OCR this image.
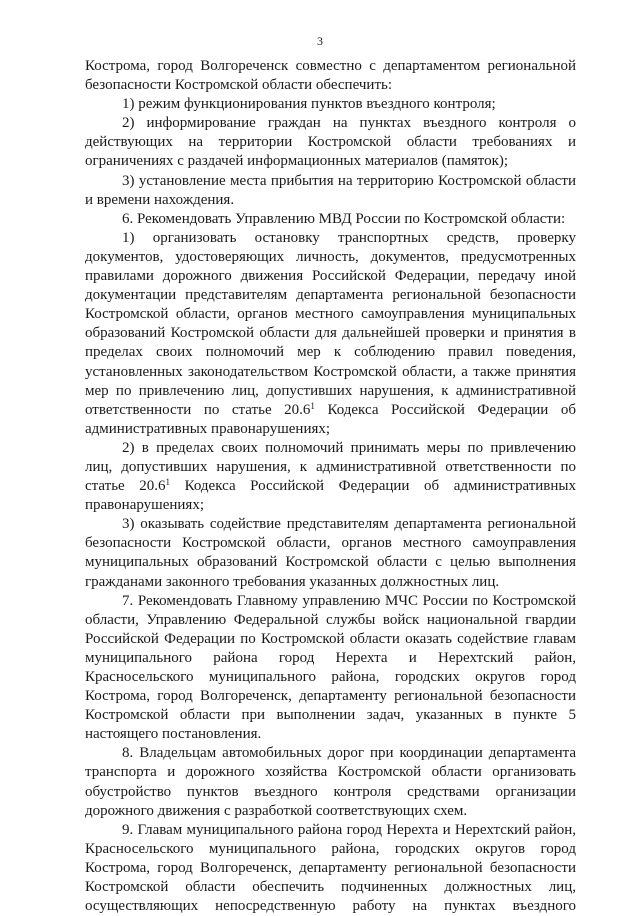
3

Кострома, город Волгореченск совместно с департаментом региональной безопасности Костромской области обеспечить:

1) режим функционирования пунктов въездного контроля;

2) информирование граждан на пунктах въездного контроля о действующих на территории Костромской области требованиях и ограничениях с раздачей информационных материалов (памяток);

3) установление места прибытия на территорию Костромской области и времени нахождения.

6. Рекомендовать Управлению МВД России по Костромской области:

1) организовать остановку транспортных средств, проверку документов, удостоверяющих личность, документов, предусмотренных правилами дорожного движения Российской Федерации, передачу иной документации представителям департамента региональной безопасности Костромской области, органов местного самоуправления муниципальных образований Костромской области для дальнейшей проверки и принятия в пределах своих полномочий мер к соблюдению правил поведения, установленных законодательством Костромской области, а также принятия мер по привлечению лиц, допустивших нарушения, к административной ответственности по статье 20.6$^1$ Кодекса Российской Федерации об административных правонарушениях;

2) в пределах своих полномочий принимать меры по привлечению лиц, допустивших нарушения, к административной ответственности по статье 20.6$^1$ Кодекса Российской Федерации об административных правонарушениях;

3) оказывать содействие представителям департамента региональной безопасности Костромской области, органов местного самоуправления муниципальных образований Костромской области с целью выполнения гражданами законного требования указанных должностных лиц.

7. Рекомендовать Главному управлению МЧС России по Костромской области, Управлению Федеральной службы войск национальной гвардии Российской Федерации по Костромской области оказать содействие главам муниципального района город Нерехта и Нерехтский район, Красносельского муниципального района, городских округов город Кострома, город Волгореченск, департаменту региональной безопасности Костромской области при выполнении задач, указанных в пункте 5 настоящего постановления.

8. Владельцам автомобильных дорог при координации департамента транспорта и дорожного хозяйства Костромской области организовать обустройство пунктов въездного контроля средствами организации дорожного движения с разработкой соответствующих схем.

9. Главам муниципального района город Нерехта и Нерехтский район, Красносельского муниципального района, городских округов город Кострома, город Волгореченск, департаменту региональной безопасности Костромской области обеспечить подчиненных должностных лиц, осуществляющих непосредственную работу на пунктах въездного
